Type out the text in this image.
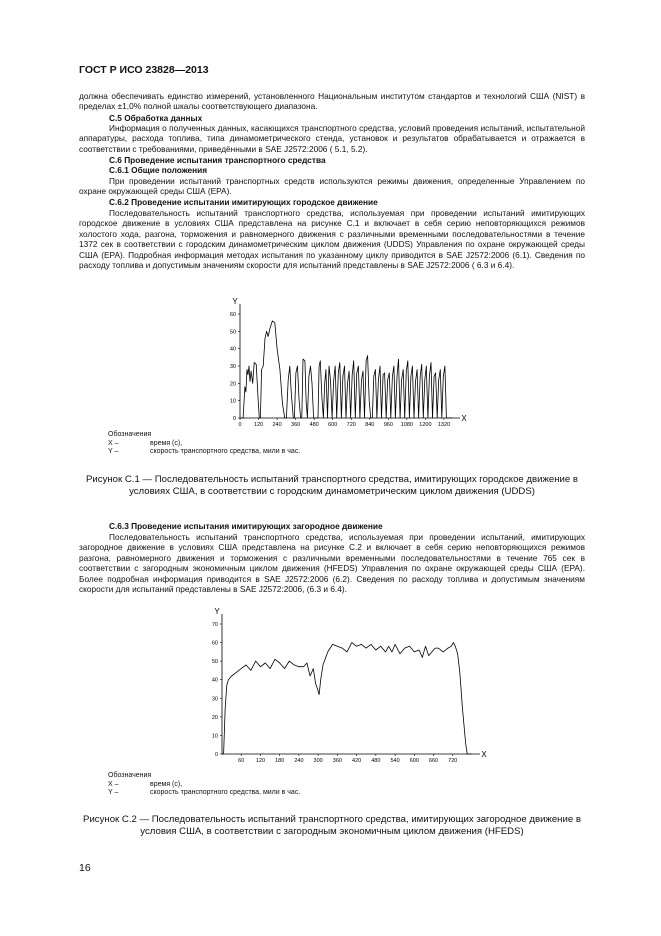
ГОСТ Р ИСО 23828—2013
должна обеспечивать единство измерений, установленного Национальным институтом стандартов и технологий США (NIST) в пределах ±1,0% полной шкалы соответствующего диапазона.
С.5 Обработка данных
Информация о полученных данных, касающихся транспортного средства, условий проведения испытаний, испытательной аппаратуры, расхода топлива, типа динамометрического стенда, установок и результатов обрабатывается и отражается в соответствии с требованиями, приведёнными в SAE J2572:2006 ( 5.1, 5.2).
С.6 Проведение испытания транспортного средства
С.6.1 Общие положения
При проведении испытаний транспортных средств используются режимы движения, определенные Управлением по охране окружающей среды США (EPA).
С.6.2 Проведение испытании имитирующих городское движение
Последовательность испытаний транспортного средства, используемая при проведении испытаний имитирующих городское движение в условиях США представлена на рисунке С.1 и включает в себя серию неповторяющихся режимов холостого хода, разгона, торможения и равномерного движения с различными временными последовательностями в течение 1372 сек в соответствии с городским динамометрическим циклом движения (UDDS) Управления по охране окружающей среды США (EPA). Подробная информация методах испытания по указанному циклу приводится в SAE J2572:2006 (6.1). Сведения по расходу топлива и допустимым значениям скорости для испытаний представлены в SAE J2572:2006 ( 6.3 и 6.4).
Y
X
0
10
20
30
40
50
60
0 120 240 360 480 600 720 840 960 1080 1200 1320
Обозначения
Х –	время (с),
Y –	скорость транспортного средства, мили в час.
Рисунок С.1 — Последовательность испытаний транспортного средства, имитирующих городское движение в условиях США, в соответствии с городским динамометрическим циклом движения (UDDS)
С.6.3 Проведение испытания имитирующих загородное движение
Последовательность испытаний транспортного средства, используемая при проведении испытаний, имитирующих загородное движение в условиях США представлена на рисунке С.2 и включает в себя серию неповторяющихся режимов разгона, равномерного движения и торможения с различными временными последовательностями в течение 765 сек в соответствии с загородным экономичным циклом движения (HFEDS) Управления по охране окружающей среды США (EPA). Более подробная информация приводится в SAE J2572:2006 (6.2). Сведения по расходу топлива и допустимым значениям скорости для испытаний представлены в SAE J2572:2006, (6.3 и 6.4).
Y
X
0
10
20
30
40
50
60
70
60 120 180 240 300 360 420 480 540 600 660 720
Обозначения
Х –	время (с),
Y –	скорость транспортного средства, мили в час.
Рисунок С.2 — Последовательность испытаний транспортного средства, имитирующих загородное движение в условия США, в соответствии с загородным экономичным циклом движения (HFEDS)
16
